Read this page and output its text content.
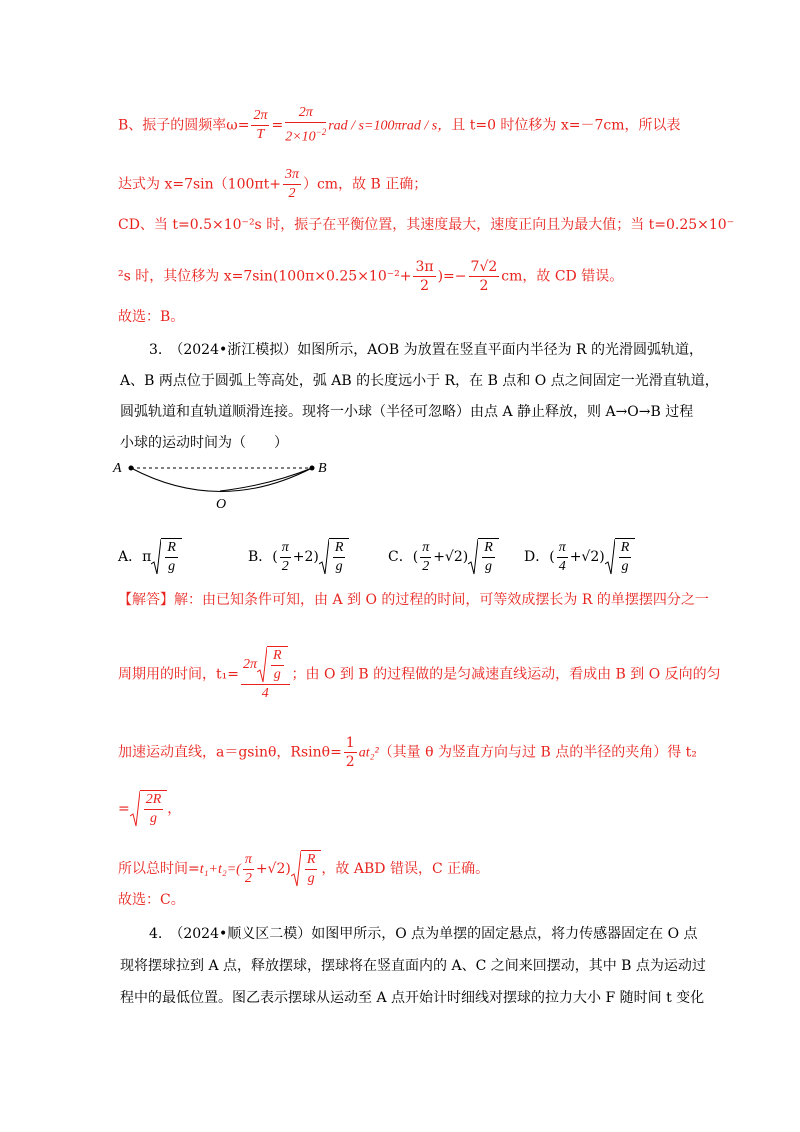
B、振子的圆频率$\omega= \frac{2\pi}{T} = \frac{2\pi}{2\times 10^{-2}}$ rad / s=100πrad / s，且 t=0 时位移为 x=－7cm，所以表
达式为 $x=7\sin(100\pi t+ \frac{3\pi}{2} )cm$，故 B 正确；
CD、当 t=0.5×10⁻²s 时，振子在平衡位置，其速度最大，速度正向且为最大值；当 t=0.25×10⁻
²s 时，其位移为 $x=7\sin(100\pi\times 0.25\times 10^{-2}+ \frac{3\pi}{2}$ )=− $\frac{7√2}{2}$ cm，故 CD 错误。
故选：B。
3.　（2024•浙江模拟）如图所示，AOB 为放置在竖直平面内半径为 R 的光滑圆弧轨道，
A、B 两点位于圆弧上等高处，弧 AB 的长度远小于 R，在 B 点和 O 点之间固定一光滑直轨道，
圆弧轨道和直轨道顺滑连接。现将一小球（半径可忽略）由点 A 静止释放，则 A→O→B 过程
小球的运动时间为（　　）
A	B
O
A．π $\frac{R}{g}$	B．( $\frac{\pi}{2} +2) \frac{R}{g}$	C．( $\frac{\pi}{2} +√2) \frac{R}{g}$ D．( $\frac{\pi}{4} +√2) \frac{R}{g}$
【解答】解：由已知条件可知，由 A 到 O 的过程的时间，可等效成摆长为 R 的单摆摆四分之一
周期用的时间，$t_1= \frac{2\pi \frac{R}{g}}{4}$ ；由 O 到 B 的过程做的是匀减速直线运动，看成由 B 到 O 反向的匀
加速运动直线，a＝gsinθ，$Rsin\theta= \frac{1}{2} at_2^2$（其量 θ 为竖直方向与过 B 点的半径的夹角）得 t₂
= $\frac{2R}{g}$ ，
所以总时间$=t_1+t_2=( \frac{\pi}{2} +√2) \frac{R}{g}$ ，故 ABD 错误，C 正确。
故选：C。
4.　（2024•顺义区二模）如图甲所示，O 点为单摆的固定悬点，将力传感器固定在 O 点
现将摆球拉到 A 点，释放摆球，摆球将在竖直面内的 A、C 之间来回摆动，其中 B 点为运动过
程中的最低位置。图乙表示摆球从运动至 A 点开始计时细线对摆球的拉力大小 F 随时间 t 变化
